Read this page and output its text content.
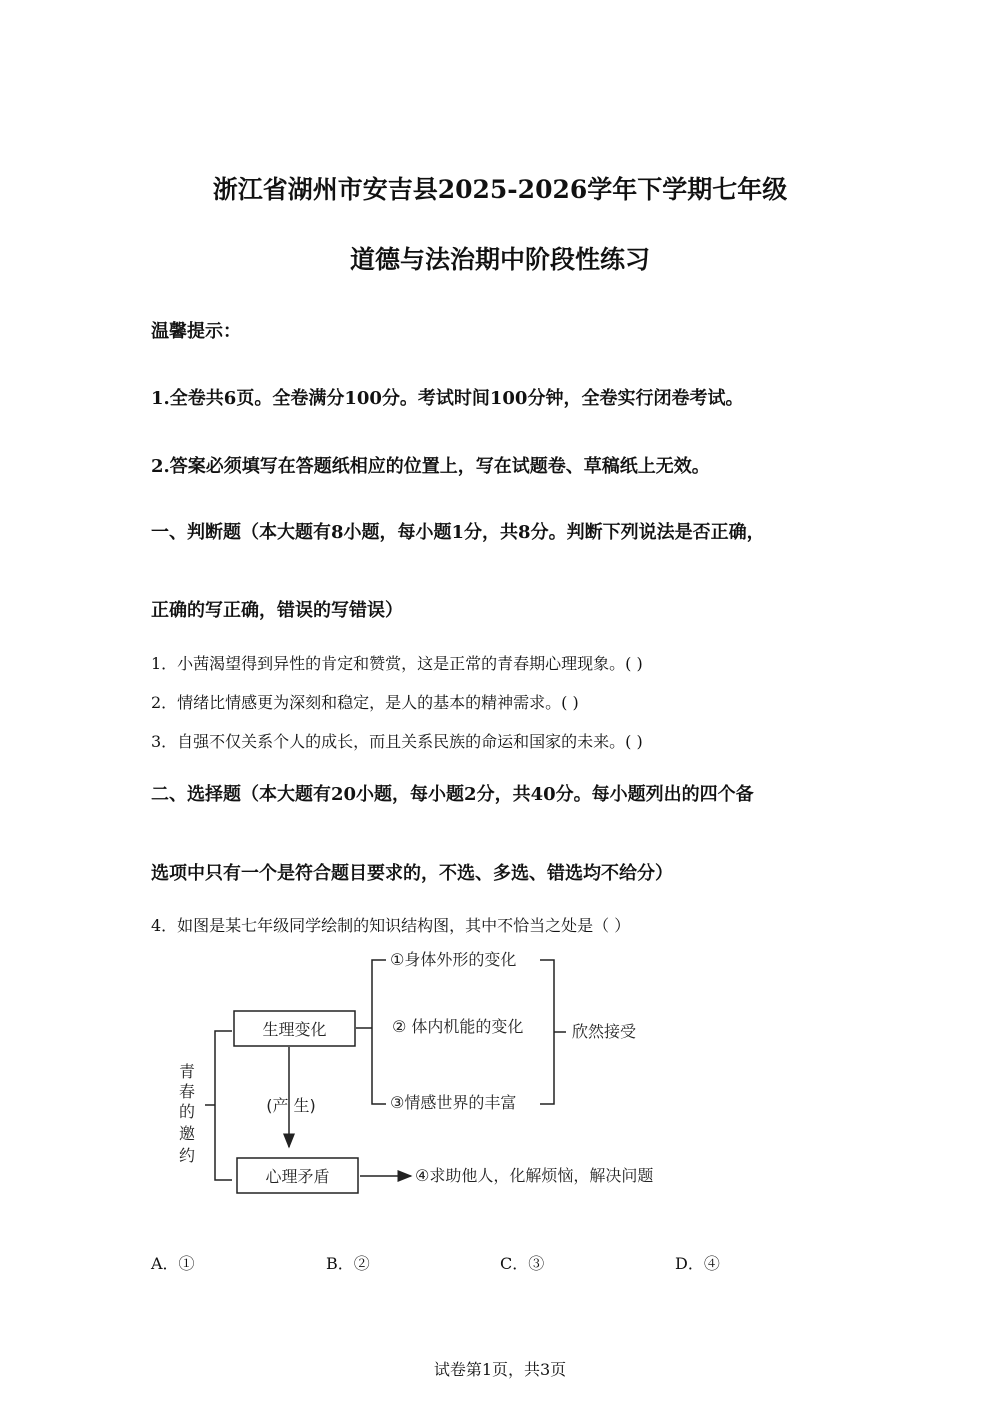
浙江省湖州市安吉县2025-2026学年下学期七年级
道德与法治期中阶段性练习
温馨提示：
1.全卷共6页。全卷满分100分。考试时间100分钟，全卷实行闭卷考试。
2.答案必须填写在答题纸相应的位置上，写在试题卷、草稿纸上无效。
一、判断题（本大题有8小题，每小题1分，共8分。判断下列说法是否正确，
正确的写正确，错误的写错误）
1．小茜渴望得到异性的肯定和赞赏，这是正常的青春期心理现象。( )
2．情绪比情感更为深刻和稳定，是人的基本的精神需求。( )
3．自强不仅关系个人的成长，而且关系民族的命运和国家的未来。( )
二、选择题（本大题有20小题，每小题2分，共40分。每小题列出的四个备
选项中只有一个是符合题目要求的，不选、多选、错选均不给分）
4．如图是某七年级同学绘制的知识结构图，其中不恰当之处是（ ）
青
春
的
邀
约
生理变化
心理矛盾
(产 生)
①身体外形的变化
② 体内机能的变化
③情感世界的丰富
欣然接受
④求助他人，化解烦恼，解决问题
A．①	B．②	C．③	D．④
试卷第1页，共3页
